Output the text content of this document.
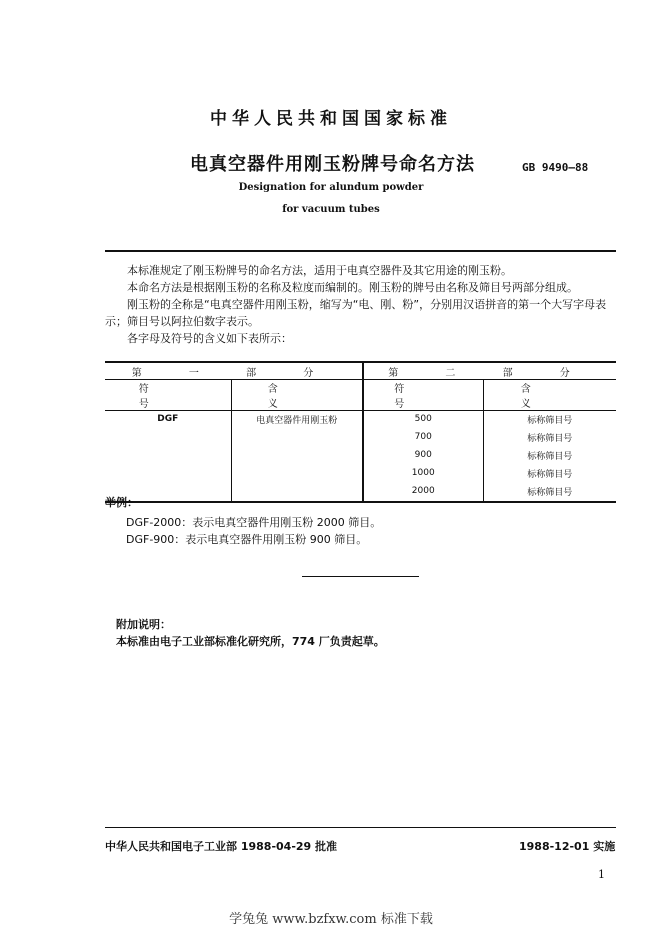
中华人民共和国国家标准
电真空器件用刚玉粉牌号命名方法	GB 9490—88
Designation for alundum powder
for vacuum tubes
本标准规定了刚玉粉牌号的命名方法，适用于电真空器件及其它用途的刚玉粉。
本命名方法是根据刚玉粉的名称及粒度而编制的。刚玉粉的牌号由名称及筛目号两部分组成。
刚玉粉的全称是“电真空器件用刚玉粉，缩写为“电、刚、粉”，分别用汉语拼音的第一个大写字母表示；筛目号以阿拉伯数字表示。
各字母及符号的含义如下表所示：
第 一 部 分		第 二 部 分	
符 号	含 义	符 号	含 义
DGF	电真空器件用刚玉粉	500	标称筛目号
		700	标称筛目号
		900	标称筛目号
		1000	标称筛目号
		2000	标称筛目号
举例：
DGF-2000：表示电真空器件用刚玉粉 2000 筛目。
DGF-900：表示电真空器件用刚玉粉 900 筛目。
附加说明：
本标准由电子工业部标准化研究所，774 厂负责起草。
中华人民共和国电子工业部 1988-04-29 批准	1988-12-01 实施
1
学兔兔 www.bzfxw.com 标准下载
